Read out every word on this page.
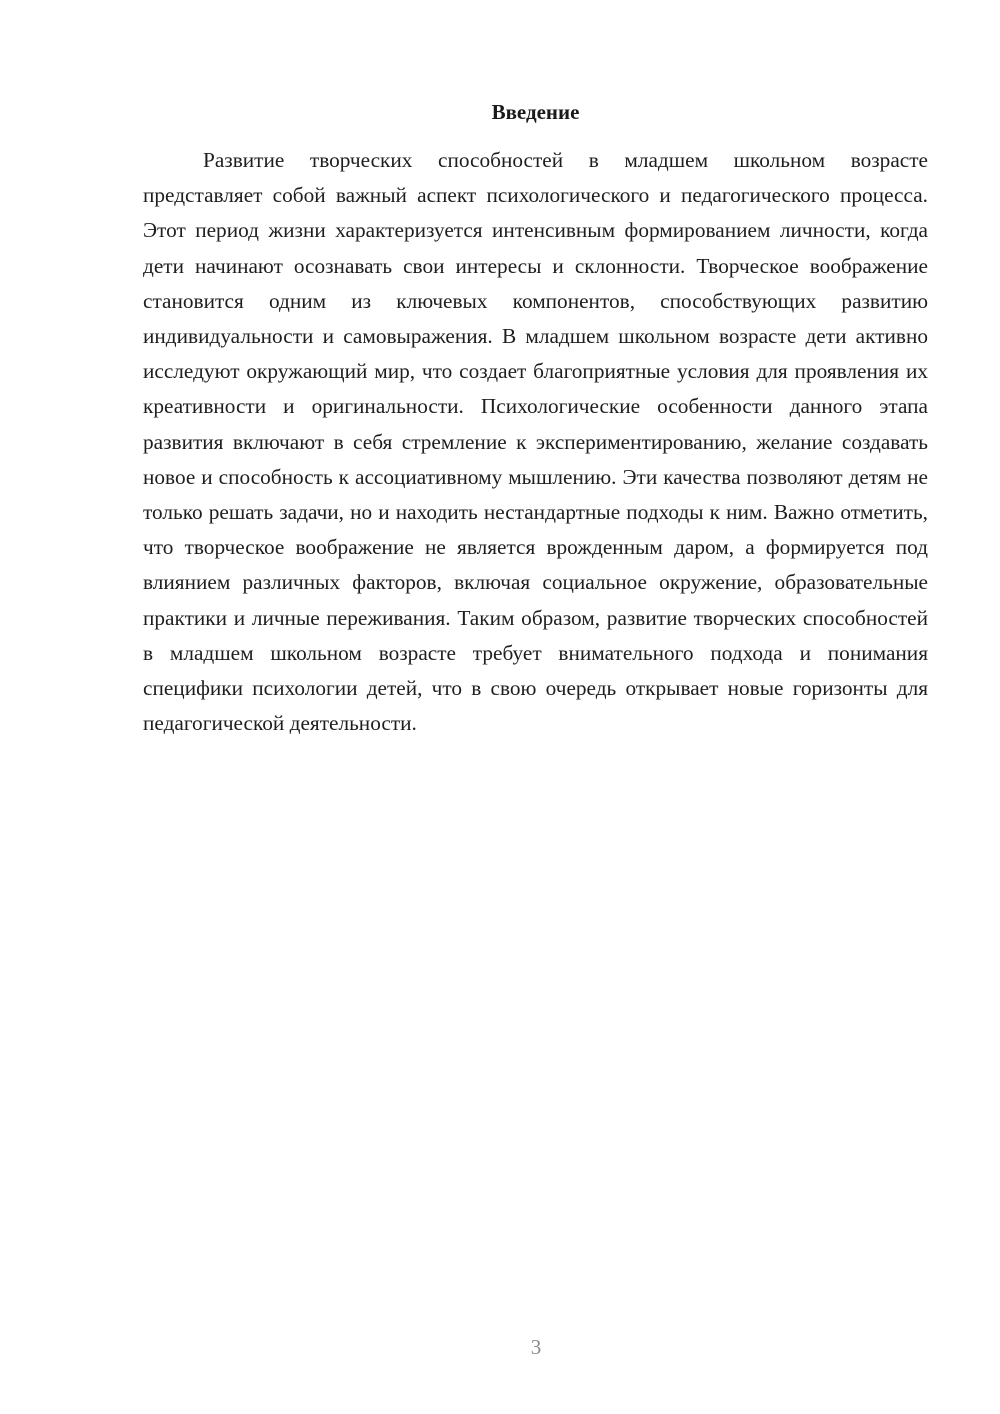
Введение

Развитие творческих способностей в младшем школьном возрасте представляет собой важный аспект психологического и педагогического процесса. Этот период жизни характеризуется интенсивным формированием личности, когда дети начинают осознавать свои интересы и склонности. Творческое воображение становится одним из ключевых компонентов, способствующих развитию индивидуальности и самовыражения. В младшем школьном возрасте дети активно исследуют окружающий мир, что создает благоприятные условия для проявления их креативности и оригинальности. Психологические особенности данного этапа развития включают в себя стремление к экспериментированию, желание создавать новое и способность к ассоциативному мышлению. Эти качества позволяют детям не только решать задачи, но и находить нестандартные подходы к ним. Важно отметить, что творческое воображение не является врожденным даром, а формируется под влиянием различных факторов, включая социальное окружение, образовательные практики и личные переживания. Таким образом, развитие творческих способностей в младшем школьном возрасте требует внимательного подхода и понимания специфики психологии детей, что в свою очередь открывает новые горизонты для педагогической деятельности.

3
